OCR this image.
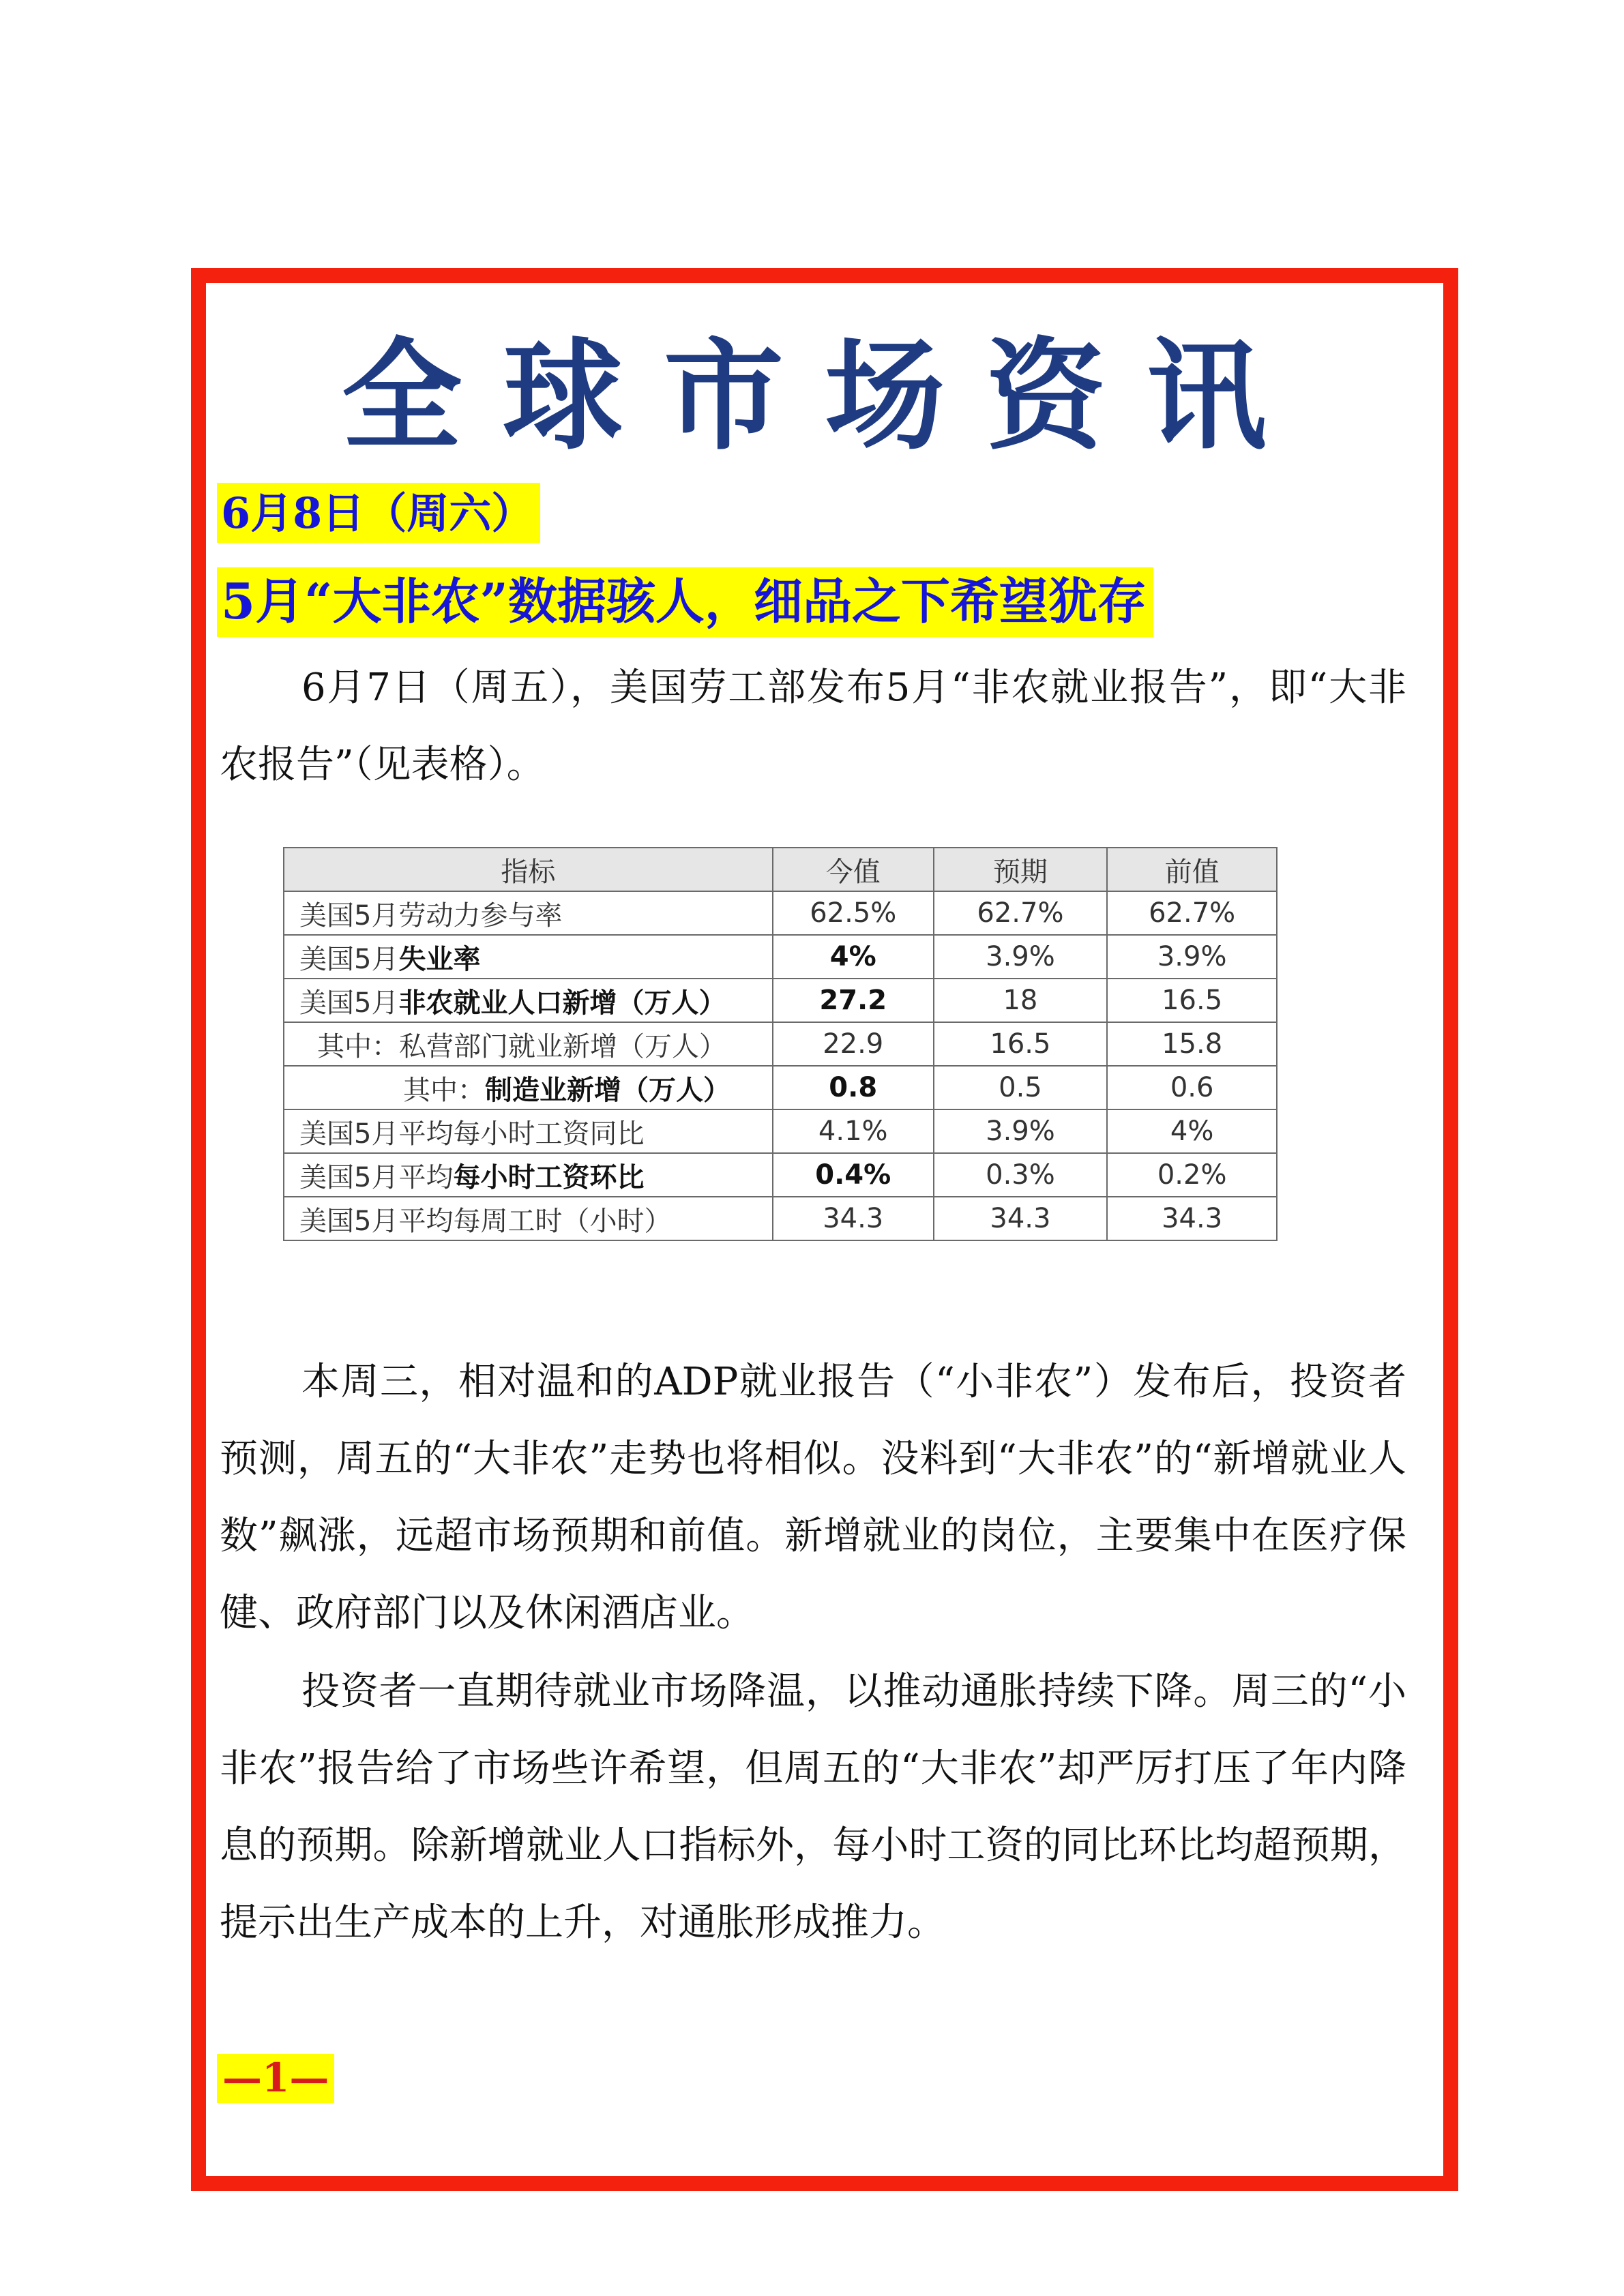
全球市场资讯
6月8日（周六）
5月“大非农”数据骇人，细品之下希望犹存

6月7日（周五），美国劳工部发布5月“非农就业报告”，即“大非农报告”（见表格）。

指标	今值	预期	前值
美国5月劳动力参与率	62.5%	62.7%	62.7%
美国5月失业率	4%	3.9%	3.9%
美国5月非农就业人口新增（万人）	27.2	18	16.5
其中：私营部门就业新增（万人）	22.9	16.5	15.8
其中：制造业新增（万人）	0.8	0.5	0.6
美国5月平均每小时工资同比	4.1%	3.9%	4%
美国5月平均每小时工资环比	0.4%	0.3%	0.2%
美国5月平均每周工时（小时）	34.3	34.3	34.3

本周三，相对温和的ADP就业报告（“小非农”）发布后，投资者预测，周五的“大非农”走势也将相似。没料到“大非农”的“新增就业人数”飙涨，远超市场预期和前值。新增就业的岗位，主要集中在医疗保健、政府部门以及休闲酒店业。

投资者一直期待就业市场降温，以推动通胀持续下降。周三的“小非农”报告给了市场些许希望，但周五的“大非农”却严厉打压了年内降息的预期。除新增就业人口指标外，每小时工资的同比环比均超预期，提示出生产成本的上升，对通胀形成推力。

—1—
